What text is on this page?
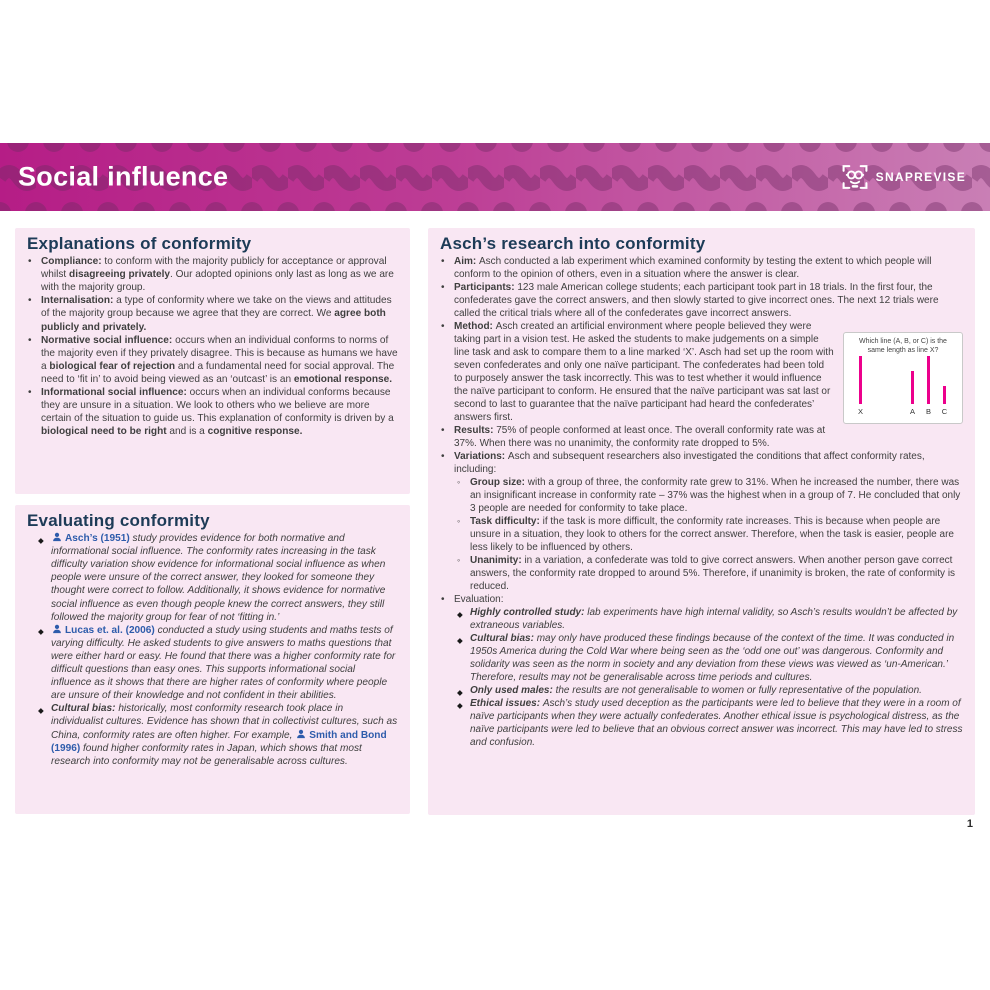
Social influence	SNAPREVISE
Explanations of conformity
• Compliance: to conform with the majority publicly for acceptance or approval whilst disagreeing privately. Our adopted opinions only last as long as we are with the majority group.
• Internalisation: a type of conformity where we take on the views and attitudes of the majority group because we agree that they are correct. We agree both publicly and privately.
• Normative social influence: occurs when an individual conforms to norms of the majority even if they privately disagree. This is because as humans we have a biological fear of rejection and a fundamental need for social approval. The need to ‘fit in’ to avoid being viewed as an ‘outcast’ is an emotional response.
• Informational social influence: occurs when an individual conforms because they are unsure in a situation. We look to others who we believe are more certain of the situation to guide us. This explanation of conformity is driven by a biological need to be right and is a cognitive response.
Evaluating conformity
◆ Asch’s (1951) study provides evidence for both normative and informational social influence. The conformity rates increasing in the task difficulty variation show evidence for informational social influence as when people were unsure of the correct answer, they looked for someone they thought were correct to follow. Additionally, it shows evidence for normative social influence as even though people knew the correct answers, they still followed the majority group for fear of not ‘fitting in.’
◆ Lucas et. al. (2006) conducted a study using students and maths tests of varying difficulty. He asked students to give answers to maths questions that were either hard or easy. He found that there was a higher conformity rate for difficult questions than easy ones. This supports informational social influence as it shows that there are higher rates of conformity where people are unsure of their knowledge and not confident in their abilities.
◆ Cultural bias: historically, most conformity research took place in individualist cultures. Evidence has shown that in collectivist cultures, such as China, conformity rates are often higher. For example, Smith and Bond (1996) found higher conformity rates in Japan, which shows that most research into conformity may not be generalisable across cultures.
Asch’s research into conformity
• Aim: Asch conducted a lab experiment which examined conformity by testing the extent to which people will conform to the opinion of others, even in a situation where the answer is clear.
• Participants: 123 male American college students; each participant took part in 18 trials. In the first four, the confederates gave the correct answers, and then slowly started to give incorrect ones. The next 12 trials were called the critical trials where all of the confederates gave incorrect answers.
Which line (A, B, or C) is the same length as line X?
X	A B C
• Method: Asch created an artificial environment where people believed they were taking part in a vision test. He asked the students to make judgements on a simple line task and ask to compare them to a line marked ‘X’. Asch had set up the room with seven confederates and only one naïve participant. The confederates had been told to purposely answer the task incorrectly. This was to test whether it would influence the naïve participant to conform. He ensured that the naïve participant was sat last or second to last to guarantee that the naïve participant had heard the confederates’ answers first.
• Results: 75% of people conformed at least once. The overall conformity rate was at 37%. When there was no unanimity, the conformity rate dropped to 5%.
• Variations: Asch and subsequent researchers also investigated the conditions that affect conformity rates, including:
◦ Group size: with a group of three, the conformity rate grew to 31%. When he increased the number, there was an insignificant increase in conformity rate – 37% was the highest when in a group of 7. He concluded that only 3 people are needed for conformity to take place.
◦ Task difficulty: if the task is more difficult, the conformity rate increases. This is because when people are unsure in a situation, they look to others for the correct answer. Therefore, when the task is easier, people are less likely to be influenced by others.
◦ Unanimity: in a variation, a confederate was told to give correct answers. When another person gave correct answers, the conformity rate dropped to around 5%. Therefore, if unanimity is broken, the rate of conformity is reduced.
• Evaluation:
◆ Highly controlled study: lab experiments have high internal validity, so Asch’s results wouldn’t be affected by extraneous variables.
◆ Cultural bias: may only have produced these findings because of the context of the time. It was conducted in 1950s America during the Cold War where being seen as the ‘odd one out’ was dangerous. Conformity and solidarity was seen as the norm in society and any deviation from these views was viewed as ‘un-American.’ Therefore, results may not be generalisable across time periods and cultures.
◆ Only used males: the results are not generalisable to women or fully representative of the population.
◆ Ethical issues: Asch’s study used deception as the participants were led to believe that they were in a room of naïve participants when they were actually confederates. Another ethical issue is psychological distress, as the naïve participants were led to believe that an obvious correct answer was incorrect. This may have led to stress and confusion.
1
